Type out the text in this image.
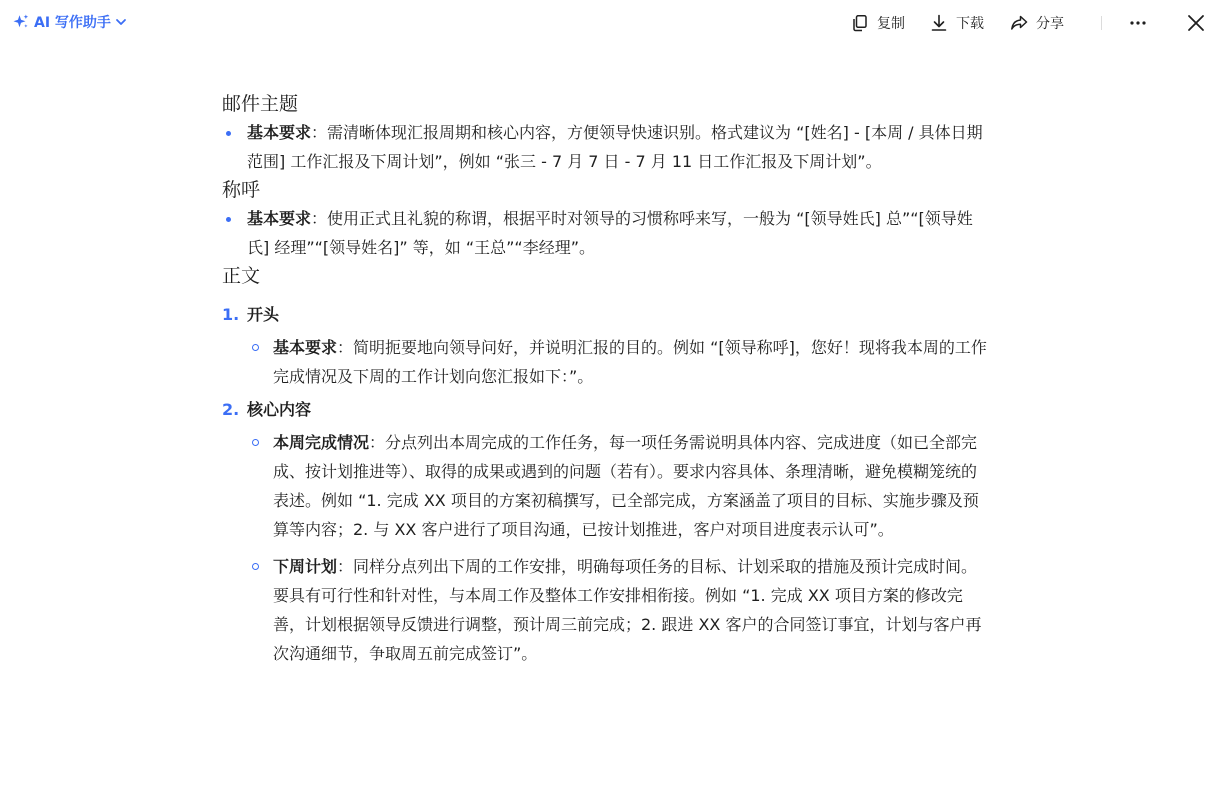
AI 写作助手	复制	下载	分享
邮件主题
基本要求：需清晰体现汇报周期和核心内容，方便领导快速识别。格式建议为 “[姓名] - [本周 / 具体日期范围] 工作汇报及下周计划”，例如 “张三 - 7 月 7 日 - 7 月 11 日工作汇报及下周计划”。
称呼
基本要求：使用正式且礼貌的称谓，根据平时对领导的习惯称呼来写，一般为 “[领导姓氏] 总”“[领导姓氏] 经理”“[领导姓名]” 等，如 “王总”“李经理”。
正文
1. 开头
基本要求：简明扼要地向领导问好，并说明汇报的目的。例如 “[领导称呼]，您好！现将我本周的工作完成情况及下周的工作计划向您汇报如下：”。
2. 核心内容
本周完成情况：分点列出本周完成的工作任务，每一项任务需说明具体内容、完成进度（如已全部完成、按计划推进等）、取得的成果或遇到的问题（若有）。要求内容具体、条理清晰，避免模糊笼统的表述。例如 “1. 完成 XX 项目的方案初稿撰写，已全部完成，方案涵盖了项目的目标、实施步骤及预算等内容；2. 与 XX 客户进行了项目沟通，已按计划推进，客户对项目进度表示认可”。
下周计划：同样分点列出下周的工作安排，明确每项任务的目标、计划采取的措施及预计完成时间。要具有可行性和针对性，与本周工作及整体工作安排相衔接。例如 “1. 完成 XX 项目方案的修改完善，计划根据领导反馈进行调整，预计周三前完成；2. 跟进 XX 客户的合同签订事宜，计划与客户再次沟通细节，争取周五前完成签订”。
